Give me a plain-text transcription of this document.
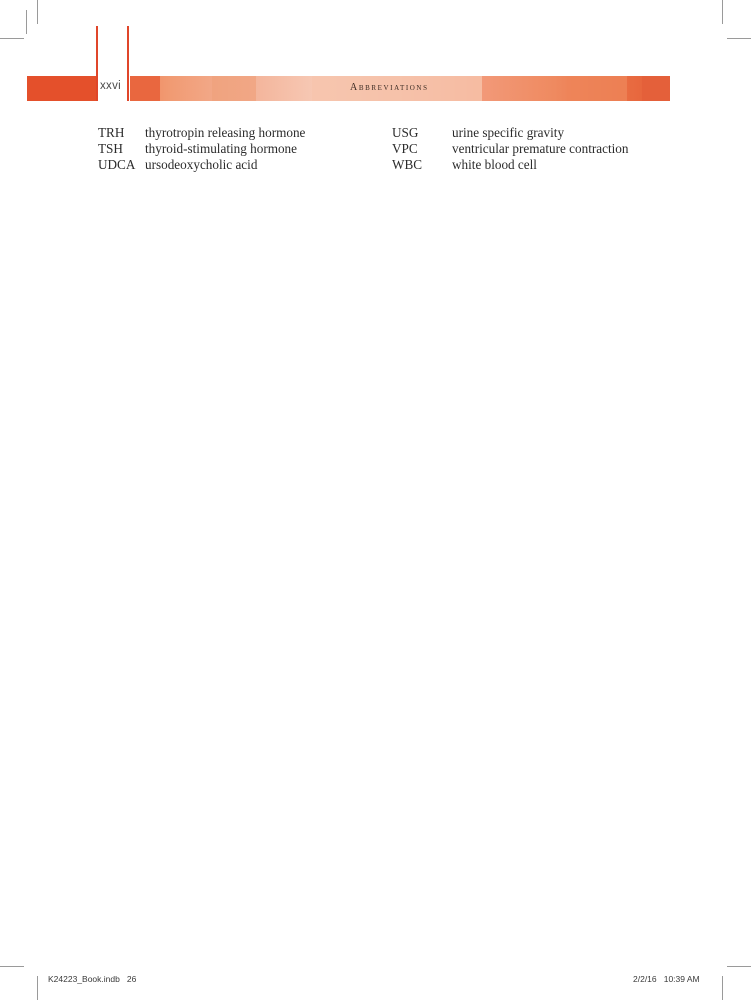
xxvi	Abbreviations
TRH thyrotropin releasing hormone
TSH thyroid-stimulating hormone
UDCA ursodeoxycholic acid
USG	urine specific gravity
VPC	ventricular premature contraction
WBC white blood cell
K24223_Book.indb   26	2/2/16   10:39 AM
